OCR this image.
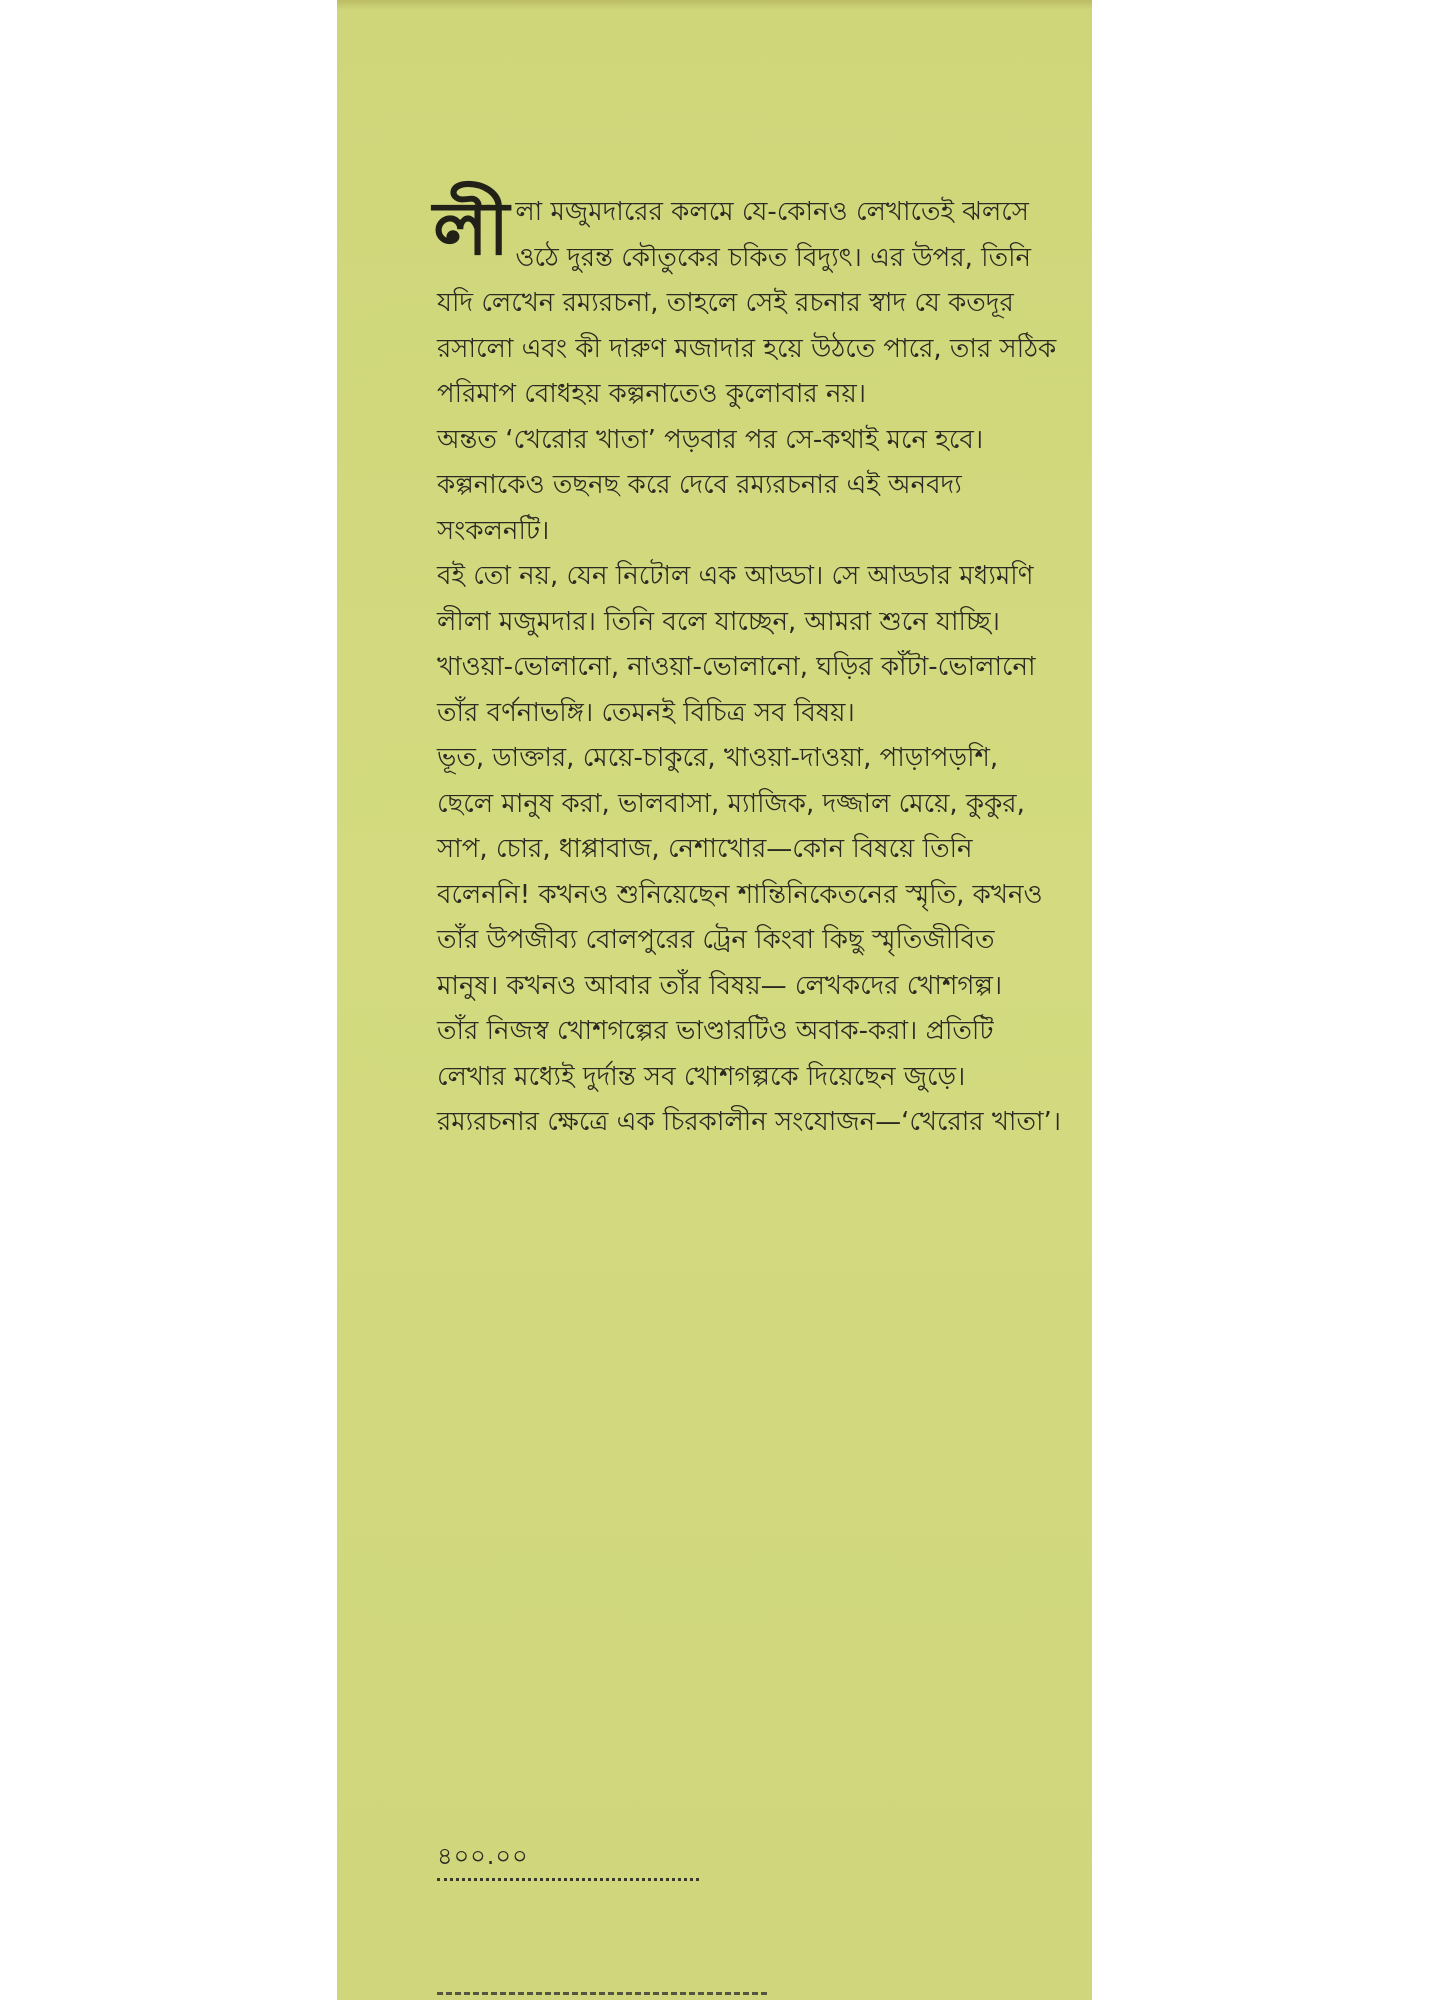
লীলা মজুমদারের কলমে যে-কোনও লেখাতেই ঝলসে ওঠে দুরন্ত কৌতুকের চকিত বিদ্যুৎ। এর উপর, তিনি যদি লেখেন রম্যরচনা, তাহলে সেই রচনার স্বাদ যে কতদূর রসালো এবং কী দারুণ মজাদার হয়ে উঠতে পারে, তার সঠিক পরিমাপ বোধহয় কল্পনাতেও কুলোবার নয়।

অন্তত ‘খেরোর খাতা’ পড়বার পর সে-কথাই মনে হবে। কল্পনাকেও তছনছ করে দেবে রম্যরচনার এই অনবদ্য সংকলনটি।

বই তো নয়, যেন নিটোল এক আড্ডা। সে আড্ডার মধ্যমণি লীলা মজুমদার। তিনি বলে যাচ্ছেন, আমরা শুনে যাচ্ছি।

খাওয়া-ভোলানো, নাওয়া-ভোলানো, ঘড়ির কাঁটা-ভোলানো তাঁর বর্ণনাভঙ্গি। তেমনই বিচিত্র সব বিষয়।

ভূত, ডাক্তার, মেয়ে-চাকুরে, খাওয়া-দাওয়া, পাড়াপড়শি, ছেলে মানুষ করা, ভালবাসা, ম্যাজিক, দজ্জাল মেয়ে, কুকুর, সাপ, চোর, ধাপ্পাবাজ, নেশাখোর—কোন বিষয়ে তিনি বলেননি! কখনও শুনিয়েছেন শান্তিনিকেতনের স্মৃতি, কখনও তাঁর উপজীব্য বোলপুরের ট্রেন কিংবা কিছু স্মৃতিজীবিত মানুষ। কখনও আবার তাঁর বিষয়— লেখকদের খোশগল্প।

তাঁর নিজস্ব খোশগল্পের ভাণ্ডারটিও অবাক-করা। প্রতিটি লেখার মধ্যেই দুর্দান্ত সব খোশগল্পকে দিয়েছেন জুড়ে। রম্যরচনার ক্ষেত্রে এক চিরকালীন সংযোজন—‘খেরোর খাতা’।

৪০০.০০
